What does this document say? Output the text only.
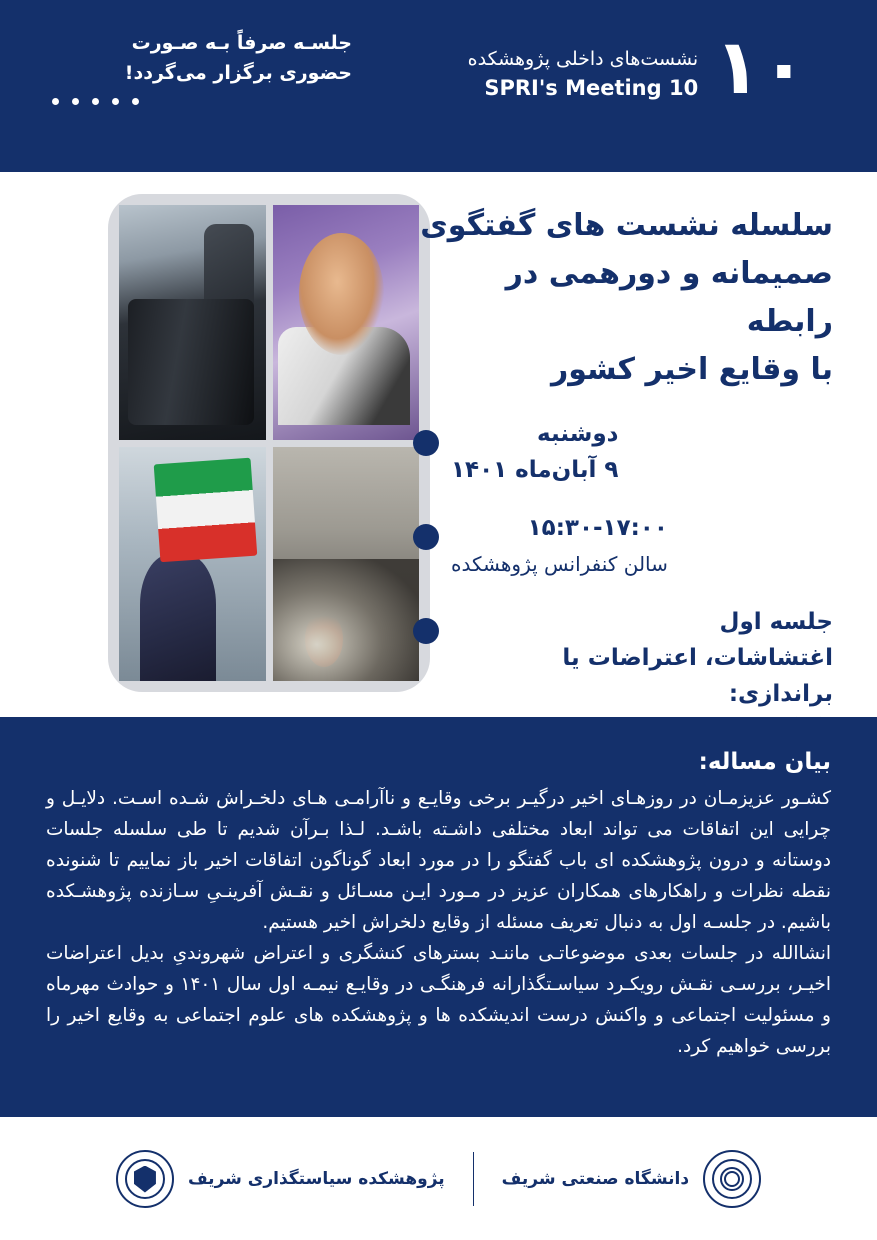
جلسـه صرفاً بـه صـورت
حضوری برگزار می‌گردد!	۱۰
نشست‌های داخلی پژوهشکده
SPRI's Meeting 10
سلسله نشست های گفتگوی
صمیمانه و دورهمی در رابطه
با وقایع اخیر کشور
دوشنبه
۹ آبان‌ماه ۱۴۰۱
۱۵:۳۰-۱۷:۰۰
سالن کنفرانس پژوهشکده
جلسه اول
اغتشاشات، اعتراضات یا براندازی:
بیان مساله:

کشـور عزیزمـان در روزهـای اخیر درگیـر برخی وقایـع و ناآرامـی هـای دلخـراش شـده اسـت. دلایـل و چرایی این اتفاقات می تواند ابعاد مختلفی داشـته باشـد. لـذا بـر‌آن شدیم تا طی سلسله جلسات دوستانه و درون پژوهشکده ای باب گفتگو را در مورد ابعاد گوناگون اتفاقات اخیر باز نماییم تا شنونده نقطه نظرات و راهکارهای همکاران عزیز در مـورد ایـن مسـائل و نقـش آفرینـیِ سـازنده پژوهشـکده باشیم. در جلسـه اول به دنبال تعریف مسئله از وقایع دلخراش اخیر هستیم.

انشاالله در جلسات بعدی موضوعاتـی ماننـد بسترهای کنشگری و اعتراض شهروندیِ بدیل اعتراضات اخیـر، بررسـی نقـش رویکـرد سیاسـتگذارانه فرهنگـی در وقایـع نیمـه اول سال ۱۴۰۱ و حوادث مهرماه و مسئولیت اجتماعی و واکنش درست اندیشکده ها و پژوهشکده های علوم اجتماعی به وقایع اخیر را بررسی خواهیم کرد.

دانشگاه صنعتی شریف
پژوهشکده سیاستگذاری شریف
